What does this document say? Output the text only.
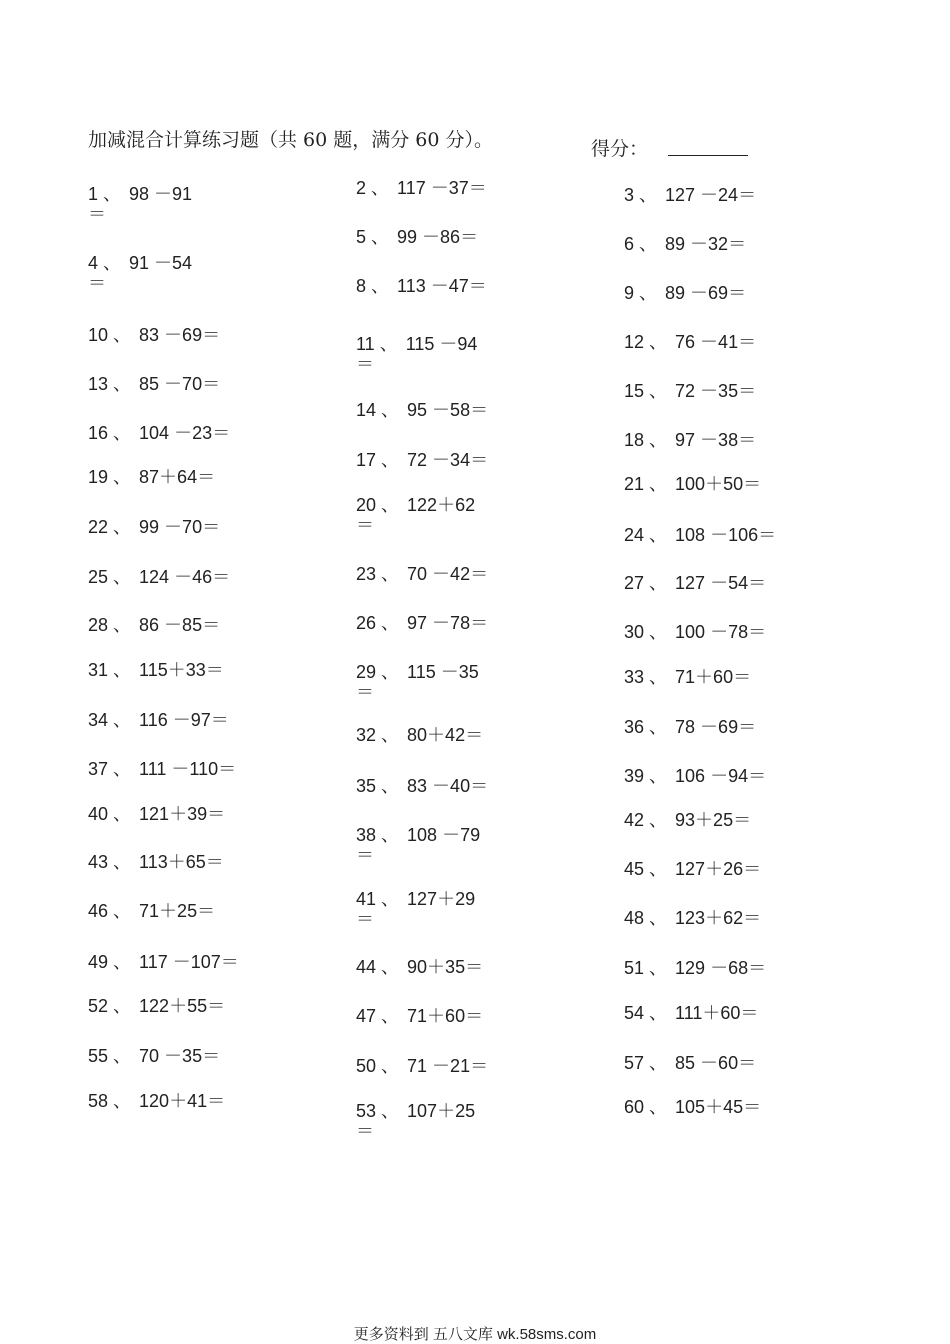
加减混合计算练习题（共 60 题，满分 60 分）。	得分：
1 、 98 －91
＝
4 、 91 －54
＝
10 、 83 －69＝
13 、 85 －70＝
16 、 104 －23＝
19 、 87＋64＝
22 、 99 －70＝
25 、 124 －46＝
28 、 86 －85＝
31 、 115＋33＝
34 、 116 －97＝
37 、 111 －110＝
40 、 121＋39＝
43 、 113＋65＝
46 、 71＋25＝
49 、 117 －107＝
52 、 122＋55＝
55 、 70 －35＝
58 、 120＋41＝
2 、 117 －37＝
5 、 99 －86＝
8 、 113 －47＝
11 、 115 －94
＝
14 、 95 －58＝
17 、 72 －34＝
20 、 122＋62
＝
23 、 70 －42＝
26 、 97 －78＝
29 、 115 －35
＝
32 、 80＋42＝
35 、 83 －40＝
38 、 108 －79
＝
41 、 127＋29
＝
44 、 90＋35＝
47 、 71＋60＝
50 、 71 －21＝
53 、 107＋25
＝
3 、 127 －24＝
6 、 89 －32＝
9 、 89 －69＝
12 、 76 －41＝
15 、 72 －35＝
18 、 97 －38＝
21 、 100＋50＝
24 、 108 －106＝
27 、 127 －54＝
30 、 100 －78＝
33 、 71＋60＝
36 、 78 －69＝
39 、 106 －94＝
42 、 93＋25＝
45 、 127＋26＝
48 、 123＋62＝
51 、 129 －68＝
54 、 111＋60＝
57 、 85 －60＝
60 、 105＋45＝
更多资料到 五八文库 wk.58sms.com
